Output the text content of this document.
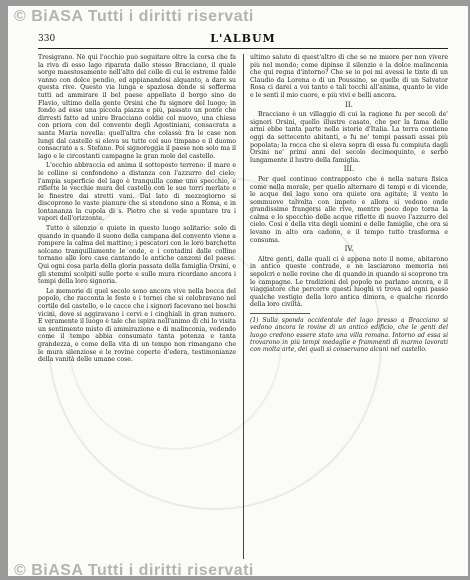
© BiASA Tutti i diritti riservati
330	L'ALBUM

Tresigrano. Nè qui l'occhio può seguitare oltre la corsa che fa la riva di esso lago riparata dallo stesso Bracciano, il quale sorge maestosamente nell'alto del colle di cui le estreme falde vanno con dolce pendio, ed appianandosi alquanto, a dare su questa rive. Questo via lunga e spaziosa donde si sofferma tutti ad ammirare il bel paese appellato il borgo sino de Flavio, ultimo della gente Orsini che fu signore del luogo; in fondo ad esse una piccola piazza e più, passato un ponte che dirresti fatto ad unire Bracciano coldie col nuovo, una chiesa con priora con del convento degli Agostiniani, consacrata a santa Maria novella: quell'altra che colassù fra le case non lungi dal castello si eleva su tutte col suo timpano e il duomo consacrato a s. Stefano. Poi signoreggia il paese non solo ma il lago e le circostanti campagne la gran mole del castello.

L'occhio abbraccia ed anima il sottoposto terreno: il mare e le colline si confondono a distanza con l'azzurro del cielo; l'ampia superficie del lago è tranquilla come uno specchio, e riflette le vecchie mura del castello con le sue torri merlate e le finestre dai stretti vani. Dal lato di mezzogiorno si discoprono le vaste pianure che si stendono sino a Roma, e in lontananza la cupola di s. Pietro che si vede spuntare tra i vapori dell'orizzonte.

Tutto è silenzio e quiete in questo luogo solitario: solo di quando in quando il suono della campana del convento viene a rompere la calma del mattino; i pescatori con le loro barchette solcano tranquillamente le onde, e i contadini dalle colline tornano alle loro case cantando le antiche canzoni del paese. Qui ogni cosa parla della gloria passata della famiglia Orsini, e gli stemmi scolpiti sulle porte e sulle mura ricordano ancora i tempi della loro signoria.

Le memorie di quel secolo sono ancora vive nella bocca del popolo, che racconta le feste e i tornei che si celebravano nel cortile del castello, e le cacce che i signori facevano nei boschi vicini, dove si aggiravano i cervi e i cinghiali in gran numero. E veramente il luogo è tale che ispira nell'animo di chi lo visita un sentimento misto di ammirazione e di malinconia, vedendo come il tempo abbia consumato tanta potenza e tanta grandezza, e come della vita di un tempo non rimangano che le mura silenziose e le rovine coperte d'edera, testimonianze della vanità delle umane cose.

ultimo saluto di quest'altro di che se ne muore per non vivere più nel mondo; come dipinse il silenzio e la dolce malinconia che qui regna d'intorno? Che se io poi mi avessi le tinte di un Claudio da Lorena o di un Poussino, se quelle di un Salvator Rosa ci darei a voi tanto e tali tocchi all'anima, quanto le vide e le sentì il mio cuore, e più vivi e belli ancora.

II.

Bracciano è un villaggio di cui la ragione fu per secoli de' signori Orsini, quello illustre casato, che per la fama delle armi ebbe tanta parte nelle istorie d'Italia. La terra contiene oggi da settecento abitanti, e fu ne' tempi passati assai più popolata; la rocca che si eleva sopra di essa fu compiuta dagli Orsini ne' primi anni del secolo decimoquinto, e serbò lungamente il lustro della famiglia.

III.

Per quel continuo contrapposto che è nella natura fisica come nella morale, per quello alternare di tempi e di vicende, le acque del lago sono ora quiete ora agitate; il vento le sommuove talvolta con impeto e allora si vedono onde grandissime frangersi alle rive, mentre poco dopo torna la calma e lo specchio delle acque riflette di nuovo l'azzurro del cielo. Così è della vita degli uomini e delle famiglie, che ora si levano in alto ora cadono, e il tempo tutto trasforma e consuma.

IV.

Altre genti, dalle quali ci è appena noto il nome, abitarono in antico queste contrade, e ne lasciarono memoria nei sepolcri e nelle rovine che di quando in quando si scoprono tra le campagne. Le tradizioni del popolo ne parlano ancora, e il viaggiatore che percorre questi luoghi vi trova ad ogni passo qualche vestigio della loro antica dimora, e qualche ricordo della loro civiltà.

(1) Sulla sponda occidentale del lago presso a Bracciano si vedono ancora le rovine di un antico edificio, che le genti del luogo credono essere stato una villa romana. Intorno ad essa si trovarono in più tempi medaglie e frammenti di marmo lavorati con molta arte, dei quali si conservano alcuni nel castello.

© BiASA Tutti i diritti riservati
